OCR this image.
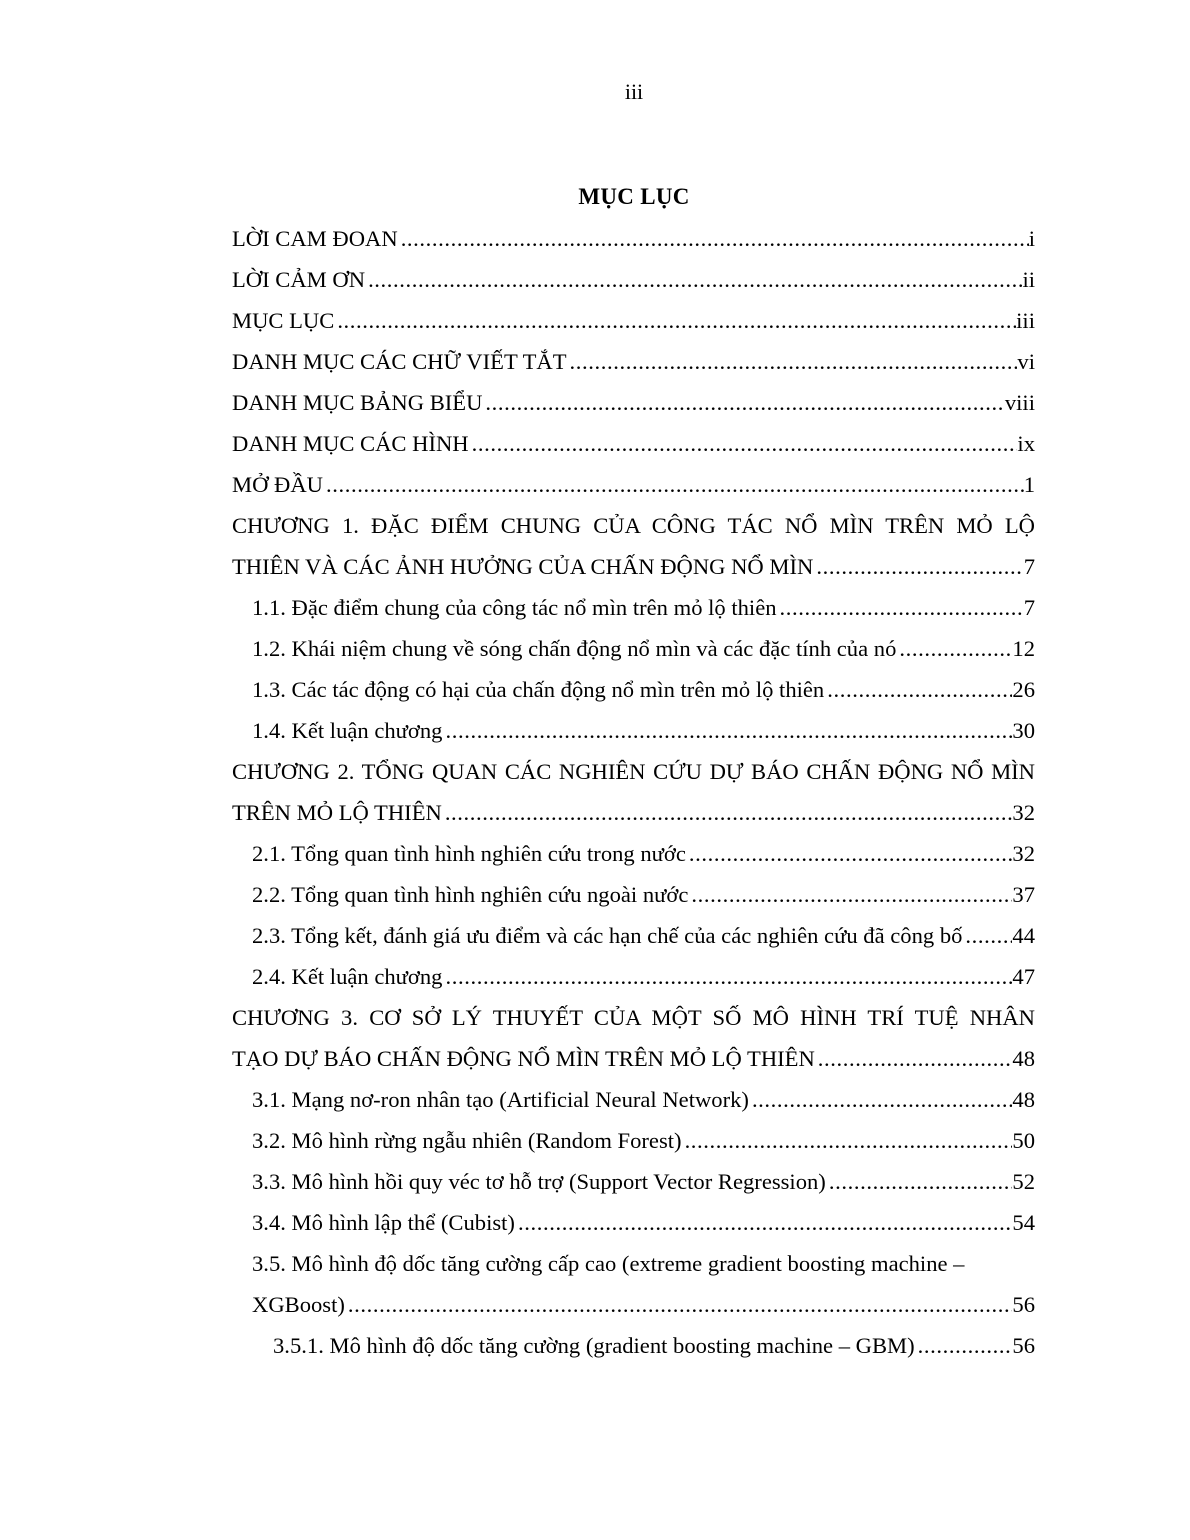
iii
MỤC LỤC
LỜI CAM ĐOAN .....	i
LỜI CẢM ƠN .....	ii
MỤC LỤC .....	iii
DANH MỤC CÁC CHỮ VIẾT TẮT .....	vi
DANH MỤC BẢNG BIỂU .....	viii
DANH MỤC CÁC HÌNH .....	ix
MỞ ĐẦU .....	1
CHƯƠNG 1. ĐẶC ĐIỂM CHUNG CỦA CÔNG TÁC NỔ MÌN TRÊN MỎ LỘ
THIÊN VÀ CÁC ẢNH HƯỞNG CỦA CHẤN ĐỘNG NỔ MÌN .....	7
1.1. Đặc điểm chung của công tác nổ mìn trên mỏ lộ thiên .....	7
1.2. Khái niệm chung về sóng chấn động nổ mìn và các đặc tính của nó .....	12
1.3. Các tác động có hại của chấn động nổ mìn trên mỏ lộ thiên .....	26
1.4. Kết luận chương .....	30
CHƯƠNG 2. TỔNG QUAN CÁC NGHIÊN CỨU DỰ BÁO CHẤN ĐỘNG NỔ MÌN
TRÊN MỎ LỘ THIÊN .....	32
2.1. Tổng quan tình hình nghiên cứu trong nước .....	32
2.2. Tổng quan tình hình nghiên cứu ngoài nước .....	37
2.3. Tổng kết, đánh giá ưu điểm và các hạn chế của các nghiên cứu đã công bố ..... 44
2.4. Kết luận chương .....	47
CHƯƠNG 3. CƠ SỞ LÝ THUYẾT CỦA MỘT SỐ MÔ HÌNH TRÍ TUỆ NHÂN
TẠO DỰ BÁO CHẤN ĐỘNG NỔ MÌN TRÊN MỎ LỘ THIÊN .....	48
3.1. Mạng nơ-ron nhân tạo (Artificial Neural Network) .....	48
3.2. Mô hình rừng ngẫu nhiên (Random Forest) .....	50
3.3. Mô hình hồi quy véc tơ hỗ trợ (Support Vector Regression) .....	52
3.4. Mô hình lập thể (Cubist) .....	54
3.5. Mô hình độ dốc tăng cường cấp cao (extreme gradient boosting machine –
XGBoost) .....	56
3.5.1. Mô hình độ dốc tăng cường (gradient boosting machine – GBM) .....	56
